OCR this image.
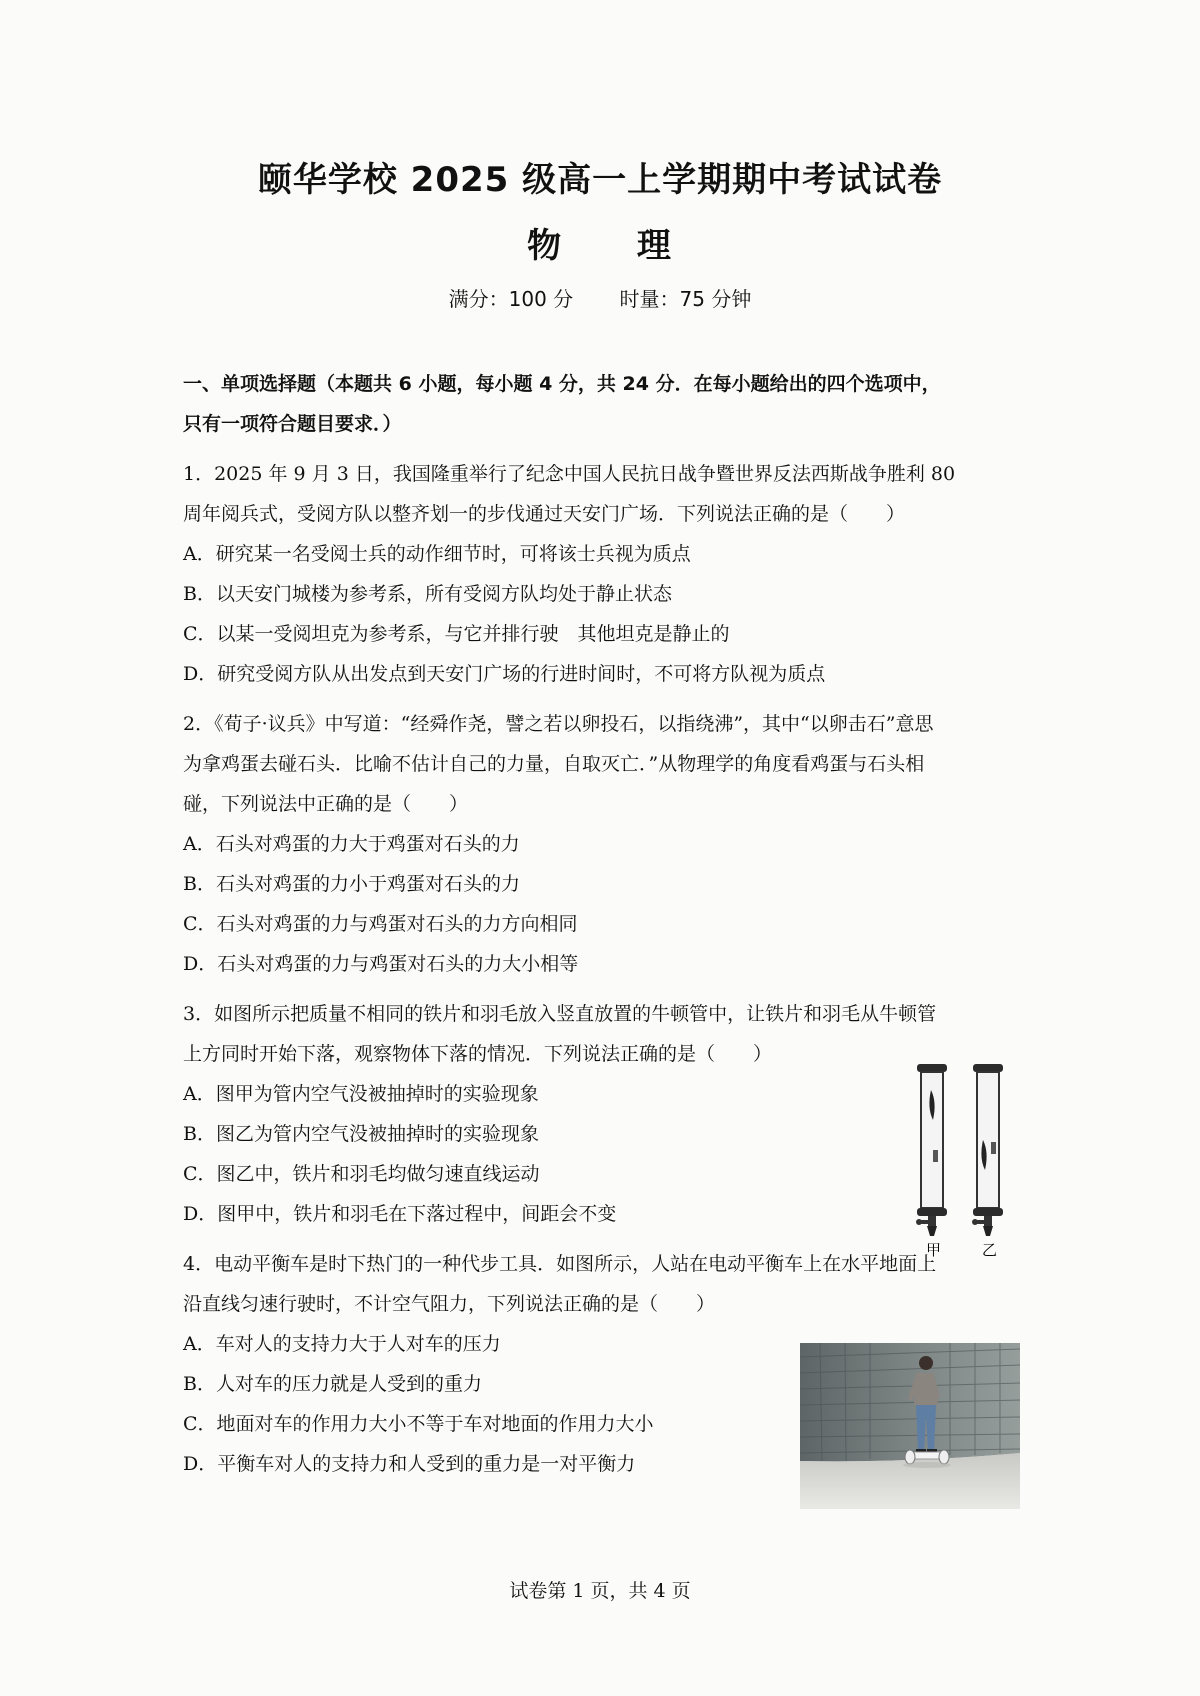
颐华学校 2025 级高一上学期期中考试试卷
物 理
满分：100 分 时量：75 分钟
一、单项选择题（本题共 6 小题，每小题 4 分，共 24 分．在每小题给出的四个选项中，
只有一项符合题目要求．）
1．2025 年 9 月 3 日，我国隆重举行了纪念中国人民抗日战争暨世界反法西斯战争胜利 80
周年阅兵式，受阅方队以整齐划一的步伐通过天安门广场．下列说法正确的是（　　）
A．研究某一名受阅士兵的动作细节时，可将该士兵视为质点
B．以天安门城楼为参考系，所有受阅方队均处于静止状态
C．以某一受阅坦克为参考系，与它并排行驶　其他坦克是静止的
D．研究受阅方队从出发点到天安门广场的行进时间时，不可将方队视为质点
2．《荀子·议兵》中写道：“经舜作尧，譬之若以卵投石，以指绕沸”，其中“以卵击石”意思
为拿鸡蛋去碰石头．比喻不估计自己的力量，自取灭亡．”从物理学的角度看鸡蛋与石头相
碰，下列说法中正确的是（　　）
A．石头对鸡蛋的力大于鸡蛋对石头的力
B．石头对鸡蛋的力小于鸡蛋对石头的力
C．石头对鸡蛋的力与鸡蛋对石头的力方向相同
D．石头对鸡蛋的力与鸡蛋对石头的力大小相等
3．如图所示把质量不相同的铁片和羽毛放入竖直放置的牛顿管中，让铁片和羽毛从牛顿管
上方同时开始下落，观察物体下落的情况．下列说法正确的是（　　）
A．图甲为管内空气没被抽掉时的实验现象
B．图乙为管内空气没被抽掉时的实验现象
C．图乙中，铁片和羽毛均做匀速直线运动
D．图甲中，铁片和羽毛在下落过程中，间距会不变
甲	乙
4．电动平衡车是时下热门的一种代步工具．如图所示，人站在电动平衡车上在水平地面上
沿直线匀速行驶时，不计空气阻力，下列说法正确的是（　　）
A．车对人的支持力大于人对车的压力
B．人对车的压力就是人受到的重力
C．地面对车的作用力大小不等于车对地面的作用力大小
D．平衡车对人的支持力和人受到的重力是一对平衡力
试卷第 1 页，共 4 页
